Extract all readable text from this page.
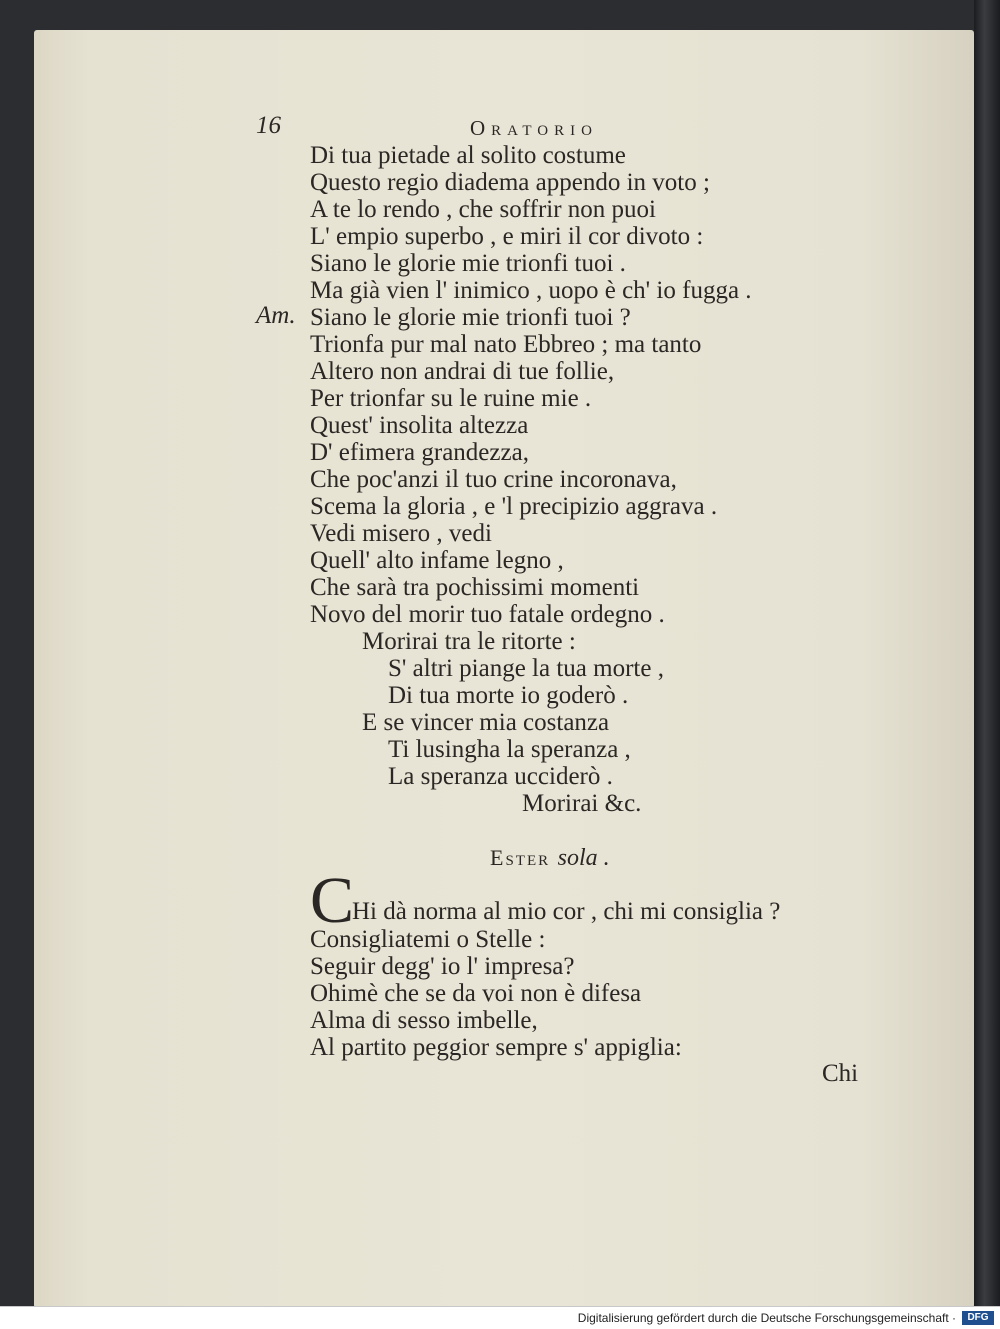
16	Oratorio
Di tua pietade al solito costume
Questo regio diadema appendo in voto ;
A te lo rendo , che soffrir non puoi
L' empio superbo , e miri il cor divoto :
Siano le glorie mie trionfi tuoi .
Ma già vien l' inimico , uopo è ch' io fugga .
Am. Siano le glorie mie trionfi tuoi ?
Trionfa pur mal nato Ebbreo ; ma tanto
Altero non andrai di tue follie,
Per trionfar su le ruine mie .
Quest' insolita altezza
D' efimera grandezza,
Che poc'anzi il tuo crine incoronava,
Scema la gloria , e 'l precipizio aggrava .
Vedi misero , vedi
Quell' alto infame legno ,
Che sarà tra pochissimi momenti
Novo del morir tuo fatale ordegno .
Morirai tra le ritorte :
S' altri piange la tua morte ,
Di tua morte io goderò .
E se vincer mia costanza
Ti lusingha la speranza ,
La speranza ucciderò .
Morirai &c.
Ester sola .
C
Hi dà norma al mio cor , chi mi consiglia ?
Consigliatemi o Stelle :
Seguir degg' io l' impresa?
Ohimè che se da voi non è difesa
Alma di sesso imbelle,
Al partito peggior sempre s' appiglia:
Chi
Digitalisierung gefördert durch die Deutsche Forschungsgemeinschaft ·	DFG
